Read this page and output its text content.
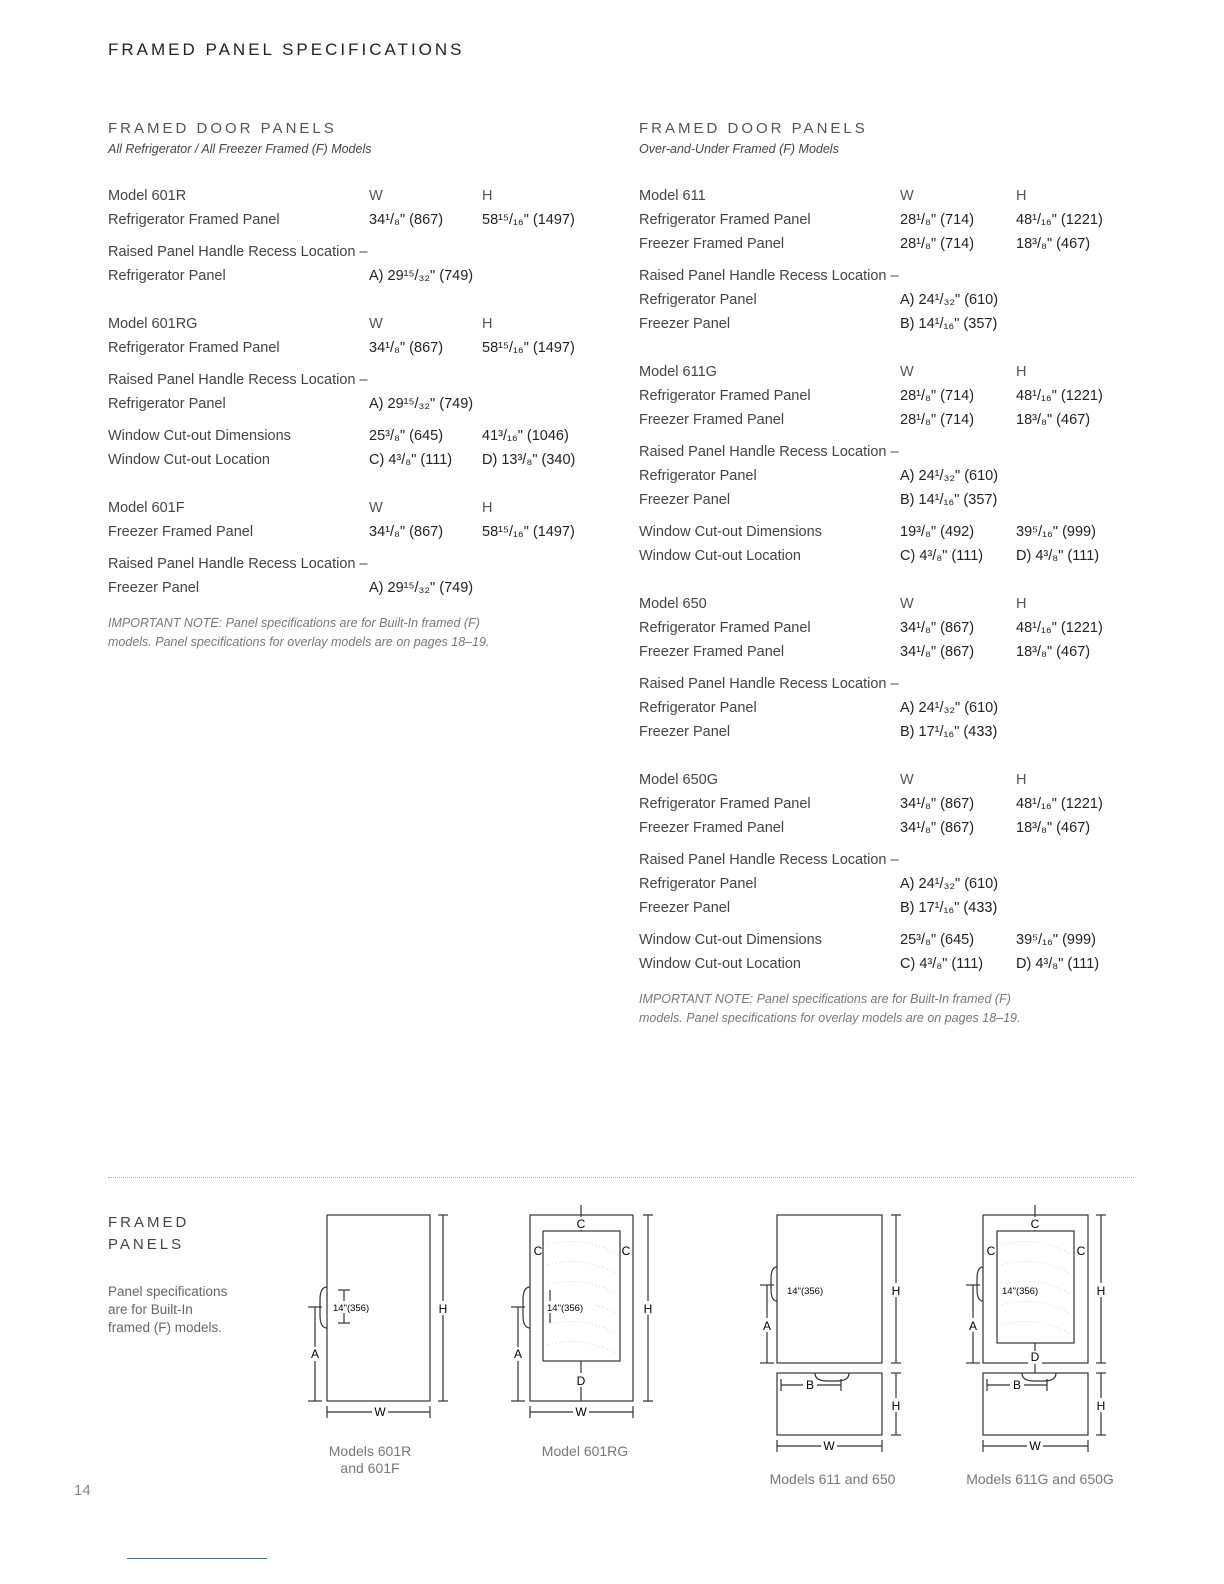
FRAMED PANEL SPECIFICATIONS
FRAMED DOOR PANELS
All Refrigerator / All Freezer Framed (F) Models
Model 601R	W	H
Refrigerator Framed Panel	34¹/₈" (867)	58¹⁵/₁₆" (1497)
Raised Panel Handle Recess Location –
Refrigerator Panel	A) 29¹⁵/₃₂" (749)
Model 601RG	W	H
Refrigerator Framed Panel	34¹/₈" (867)	58¹⁵/₁₆" (1497)
Raised Panel Handle Recess Location –
Refrigerator Panel	A) 29¹⁵/₃₂" (749)
Window Cut-out Dimensions	25³/₈" (645)	41³/₁₆" (1046)
Window Cut-out Location	C) 4³/₈" (111)	D) 13³/₈" (340)
Model 601F	W	H
Freezer Framed Panel	34¹/₈" (867)	58¹⁵/₁₆" (1497)
Raised Panel Handle Recess Location –
Freezer Panel	A) 29¹⁵/₃₂" (749)
IMPORTANT NOTE: Panel specifications are for Built-In framed (F)
models. Panel specifications for overlay models are on pages 18–19.
FRAMED DOOR PANELS
Over-and-Under Framed (F) Models
Model 611	W	H
Refrigerator Framed Panel	28¹/₈" (714)	48¹/₁₆" (1221)
Freezer Framed Panel	28¹/₈" (714)	18³/₈" (467)
Raised Panel Handle Recess Location –
Refrigerator Panel	A) 24¹/₃₂" (610)
Freezer Panel	B) 14¹/₁₆" (357)
Model 611G	W	H
Refrigerator Framed Panel	28¹/₈" (714)	48¹/₁₆" (1221)
Freezer Framed Panel	28¹/₈" (714)	18³/₈" (467)
Raised Panel Handle Recess Location –
Refrigerator Panel	A) 24¹/₃₂" (610)
Freezer Panel	B) 14¹/₁₆" (357)
Window Cut-out Dimensions	19³/₈" (492)	39⁵/₁₆" (999)
Window Cut-out Location	C) 4³/₈" (111)	D) 4³/₈" (111)
Model 650	W	H
Refrigerator Framed Panel	34¹/₈" (867)	48¹/₁₆" (1221)
Freezer Framed Panel	34¹/₈" (867)	18³/₈" (467)
Raised Panel Handle Recess Location –
Refrigerator Panel	A) 24¹/₃₂" (610)
Freezer Panel	B) 17¹/₁₆" (433)
Model 650G	W	H
Refrigerator Framed Panel	34¹/₈" (867)	48¹/₁₆" (1221)
Freezer Framed Panel	34¹/₈" (867)	18³/₈" (467)
Raised Panel Handle Recess Location –
Refrigerator Panel	A) 24¹/₃₂" (610)
Freezer Panel	B) 17¹/₁₆" (433)
Window Cut-out Dimensions	25³/₈" (645)	39⁵/₁₆" (999)
Window Cut-out Location	C) 4³/₈" (111)	D) 4³/₈" (111)
IMPORTANT NOTE: Panel specifications are for Built-In framed (F)
models. Panel specifications for overlay models are on pages 18–19.
FRAMED
PANELS
Panel specifications
are for Built-In
framed (F) models.
W
H
A
14"(356)
C
C	C
D
W
H
A
14"(356)
H
A
14"(356)
B
H
W
C
C	C
D
H
A
14"(356)
B
H
W
Models 601R
and 601F
Model 601RG
Models 611 and 650	Models 611G and 650G
14
